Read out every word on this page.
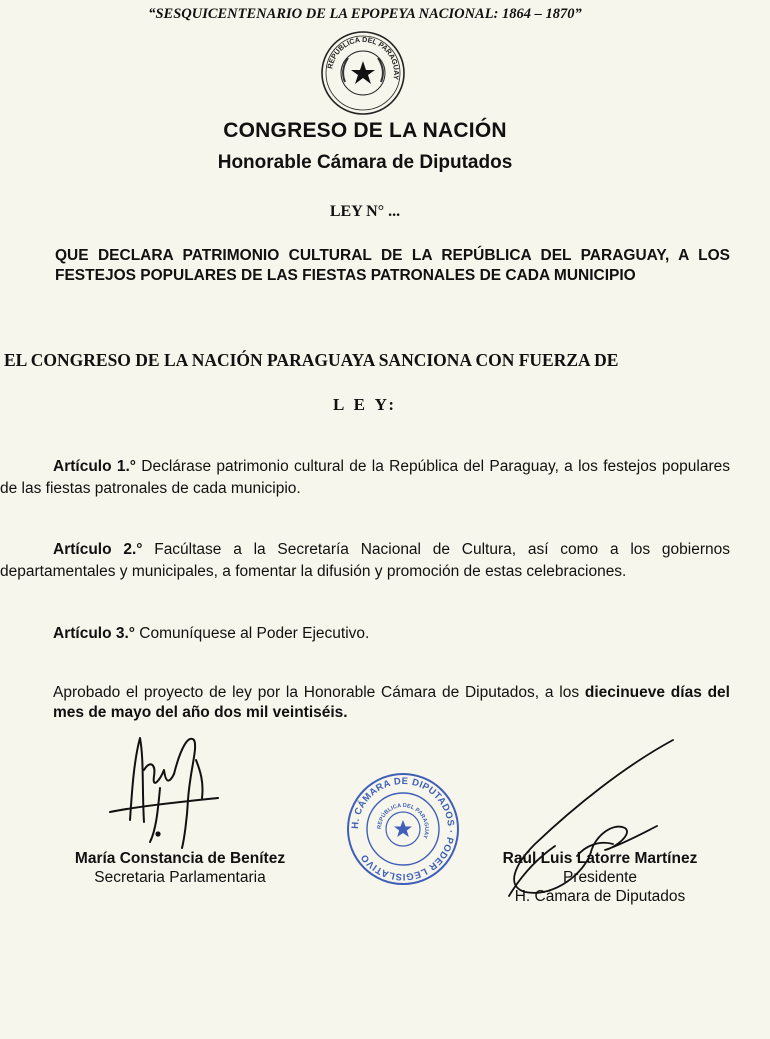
“SESQUICENTENARIO DE LA EPOPEYA NACIONAL: 1864 – 1870”
REPÚBLICA DEL PARAGUAY
CONGRESO DE LA NACIÓN
Honorable Cámara de Diputados
LEY N° ...
QUE DECLARA PATRIMONIO CULTURAL DE LA REPÚBLICA DEL PARAGUAY, A LOS FESTEJOS POPULARES DE LAS FIESTAS PATRONALES DE CADA MUNICIPIO
EL CONGRESO DE LA NACIÓN PARAGUAYA SANCIONA CON FUERZA DE
L E Y:
Artículo 1.° Declárase patrimonio cultural de la República del Paraguay, a los festejos populares de las fiestas patronales de cada municipio.
Artículo 2.° Facúltase a la Secretaría Nacional de Cultura, así como a los gobiernos departamentales y municipales, a fomentar la difusión y promoción de estas celebraciones.
Artículo 3.° Comuníquese al Poder Ejecutivo.
Aprobado el proyecto de ley por la Honorable Cámara de Diputados, a los diecinueve días del mes de mayo del año dos mil veintiséis.
H. CÁMARA DE DIPUTADOS · PODER LEGISLATIVO
REPÚBLICA DEL PARAGUAY
María Constancia de Benítez
Secretaria Parlamentaria
Raúl Luis Latorre Martínez
Presidente
H. Cámara de Diputados
